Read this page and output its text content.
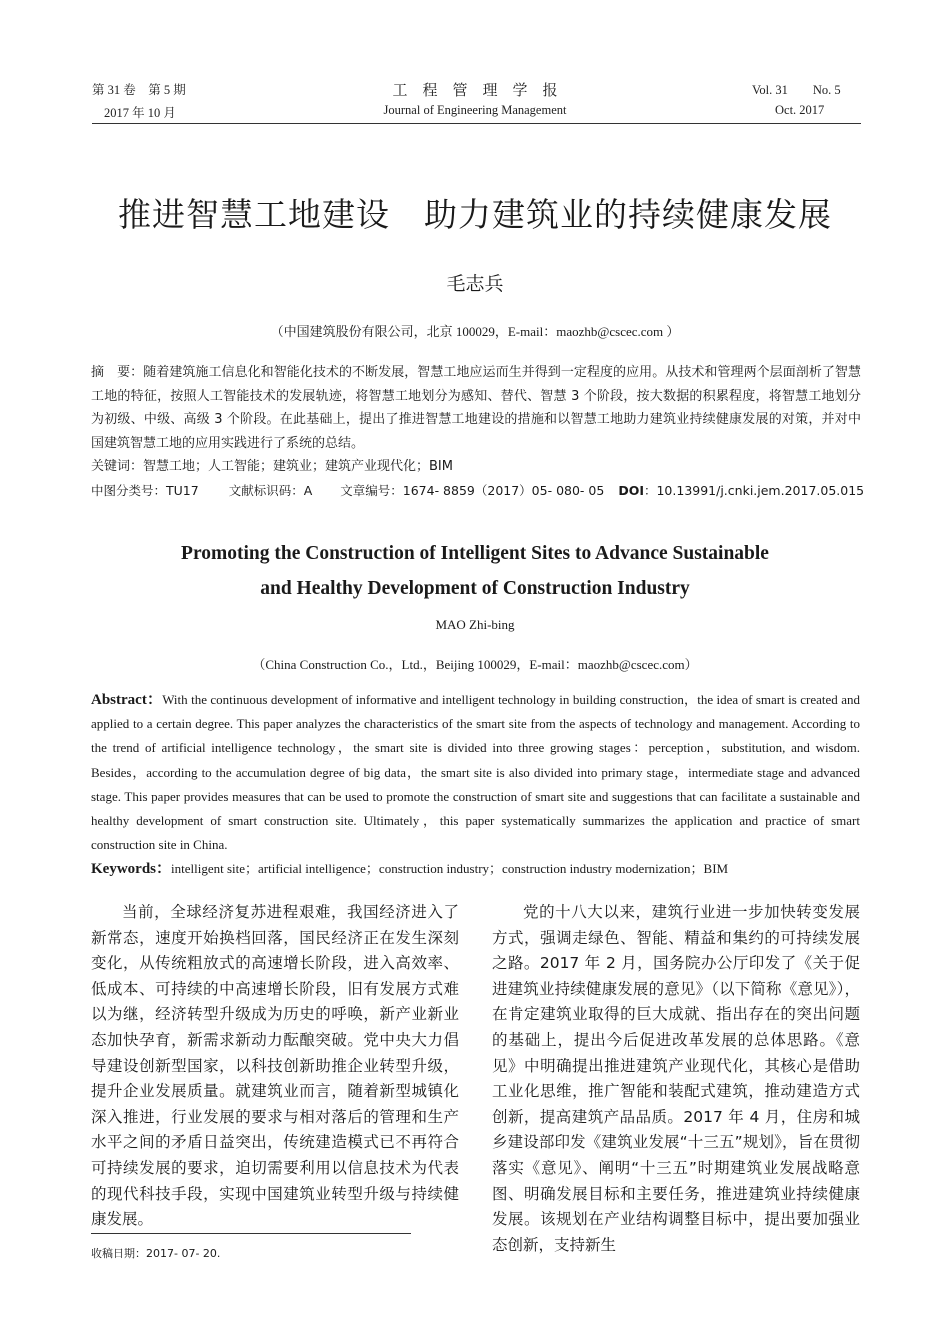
第 31 卷　第 5 期
2017 年 10 月
工　程　管　理　学　报
Journal of Engineering Management
Vol. 31　　No. 5
Oct. 2017
推进智慧工地建设　助力建筑业的持续健康发展
毛志兵
（中国建筑股份有限公司，北京 100029，E-mail：maozhb@cscec.com ）

摘　要：随着建筑施工信息化和智能化技术的不断发展，智慧工地应运而生并得到一定程度的应用。从技术和管理两个层面剖析了智慧工地的特征，按照人工智能技术的发展轨迹，将智慧工地划分为感知、替代、智慧 3 个阶段，按大数据的积累程度，将智慧工地划分为初级、中级、高级 3 个阶段。在此基础上，提出了推进智慧工地建设的措施和以智慧工地助力建筑业持续健康发展的对策，并对中国建筑智慧工地的应用实践进行了系统的总结。

关键词：智慧工地；人工智能；建筑业；建筑产业现代化；BIM

中图分类号：TU17 文献标识码：A 文章编号：1674- 8859（2017）05- 080- 05 DOI：10.13991/j.cnki.jem.2017.05.015

Promoting the Construction of Intelligent Sites to Advance Sustainable
and Healthy Development of Construction Industry
MAO Zhi-bing
（China Construction Co.，Ltd.，Beijing 100029，E-mail：maozhb@cscec.com）

Abstract：With the continuous development of informative and intelligent technology in building construction，the idea of smart is created and applied to a certain degree. This paper analyzes the characteristics of the smart site from the aspects of technology and management. According to the trend of artificial intelligence technology，the smart site is divided into three growing stages：perception，substitution, and wisdom. Besides，according to the accumulation degree of big data，the smart site is also divided into primary stage，intermediate stage and advanced stage. This paper provides measures that can be used to promote the construction of smart site and suggestions that can facilitate a sustainable and healthy development of smart construction site. Ultimately，this paper systematically summarizes the application and practice of smart construction site in China.

Keywords：intelligent site；artificial intelligence；construction industry；construction industry modernization；BIM

当前，全球经济复苏进程艰难，我国经济进入了新常态，速度开始换档回落，国民经济正在发生深刻变化，从传统粗放式的高速增长阶段，进入高效率、低成本、可持续的中高速增长阶段，旧有发展方式难以为继，经济转型升级成为历史的呼唤，新产业新业态加快孕育，新需求新动力酝酿突破。党中央大力倡导建设创新型国家，以科技创新助推企业转型升级，提升企业发展质量。就建筑业而言，随着新型城镇化深入推进，行业发展的要求与相对落后的管理和生产水平之间的矛盾日益突出，传统建造模式已不再符合可持续发展的要求，迫切需要利用以信息技术为代表的现代科技手段，实现中国建筑业转型升级与持续健康发展。

党的十八大以来，建筑行业进一步加快转变发展方式，强调走绿色、智能、精益和集约的可持续发展之路。2017 年 2 月，国务院办公厅印发了《关于促进建筑业持续健康发展的意见》（以下简称《意见》），在肯定建筑业取得的巨大成就、指出存在的突出问题的基础上，提出今后促进改革发展的总体思路。《意见》中明确提出推进建筑产业现代化，其核心是借助工业化思维，推广智能和装配式建筑，推动建造方式创新，提高建筑产品品质。2017 年 4 月，住房和城乡建设部印发《建筑业发展“十三五”规划》，旨在贯彻落实《意见》、阐明“十三五”时期建筑业发展战略意图、明确发展目标和主要任务，推进建筑业持续健康发展。该规划在产业结构调整目标中，提出要加强业态创新，支持新生

收稿日期：2017- 07- 20.
